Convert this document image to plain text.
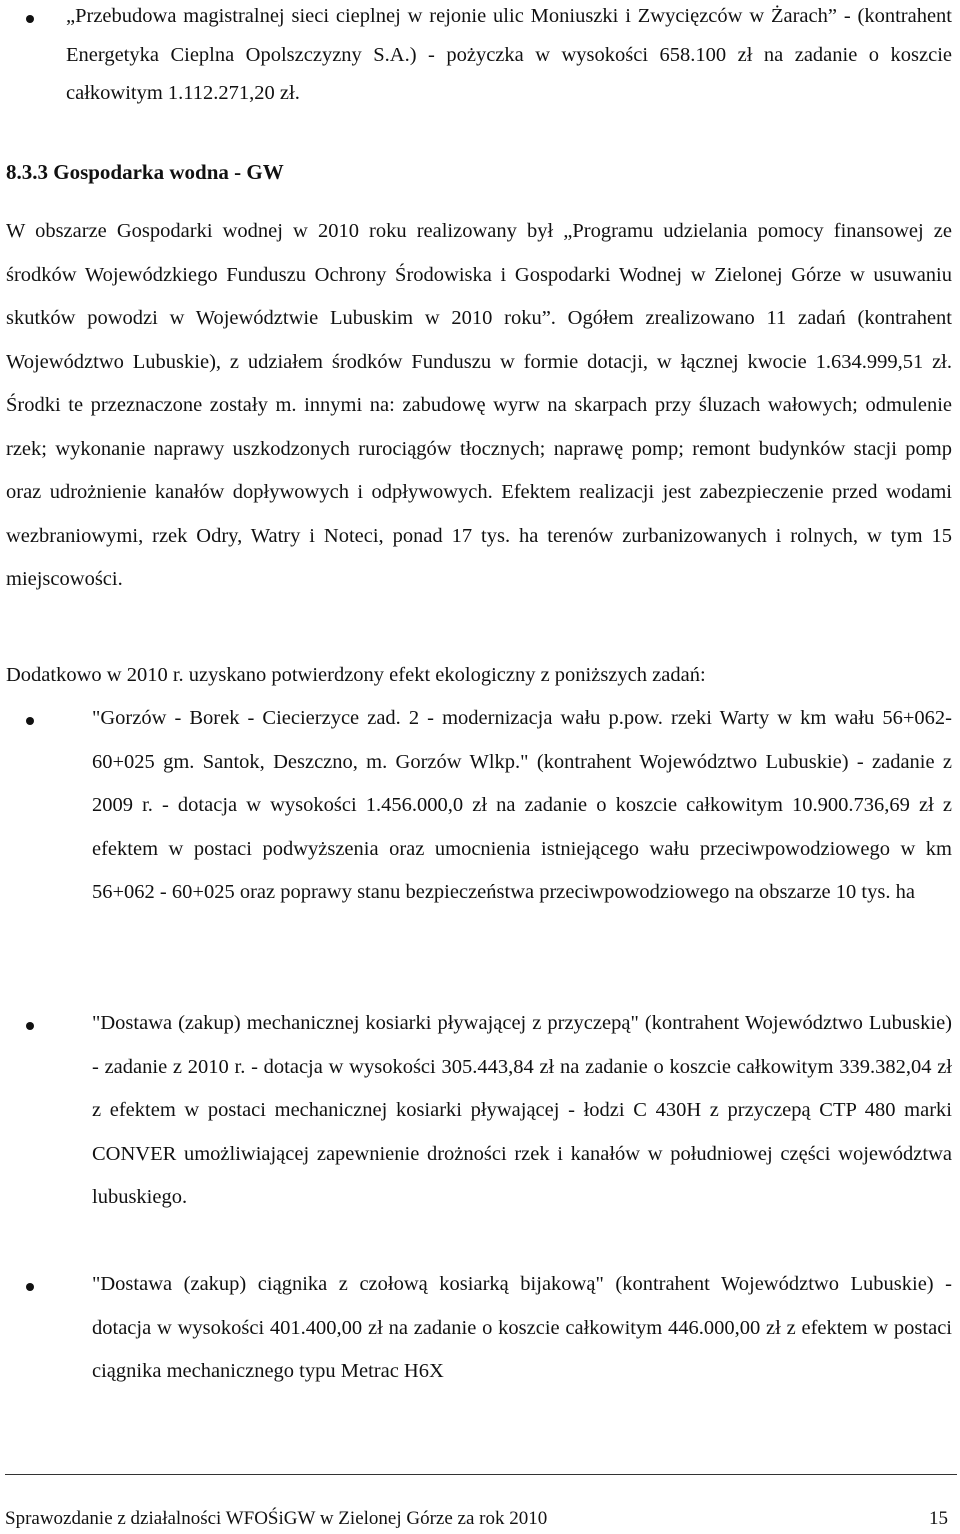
„Przebudowa magistralnej sieci cieplnej w rejonie ulic Moniuszki i Zwycięzców w Żarach” - (kontrahent Energetyka Cieplna Opolszczyzny S.A.) - pożyczka w wysokości 658.100 zł na zadanie o koszcie całkowitym 1.112.271,20 zł.
8.3.3 Gospodarka wodna - GW
W obszarze Gospodarki wodnej w 2010 roku realizowany był „Programu udzielania pomocy finansowej ze środków Wojewódzkiego Funduszu Ochrony Środowiska i Gospodarki Wodnej w Zielonej Górze w usuwaniu skutków powodzi w Województwie Lubuskim w 2010 roku”. Ogółem zrealizowano 11 zadań (kontrahent Województwo Lubuskie), z udziałem środków Funduszu w formie dotacji, w łącznej kwocie 1.634.999,51 zł. Środki te przeznaczone zostały m. innymi na: zabudowę wyrw na skarpach przy śluzach wałowych; odmulenie rzek; wykonanie naprawy uszkodzonych rurociągów tłocznych; naprawę pomp; remont budynków stacji pomp oraz udrożnienie kanałów dopływowych i odpływowych. Efektem realizacji jest zabezpieczenie przed wodami wezbraniowymi, rzek Odry, Watry i Noteci, ponad 17 tys. ha terenów zurbanizowanych i rolnych, w tym 15 miejscowości.
Dodatkowo w 2010 r. uzyskano potwierdzony efekt ekologiczny z poniższych zadań:
"Gorzów - Borek - Ciecierzyce zad. 2 - modernizacja wału p.pow. rzeki Warty w km wału 56+062-60+025 gm. Santok, Deszczno, m. Gorzów Wlkp." (kontrahent Województwo Lubuskie) - zadanie z 2009 r. - dotacja w wysokości 1.456.000,0 zł na zadanie o koszcie całkowitym 10.900.736,69 zł z efektem w postaci podwyższenia oraz umocnienia istniejącego wału przeciwpowodziowego w km 56+062 - 60+025 oraz poprawy stanu bezpieczeństwa przeciwpowodziowego na obszarze 10 tys. ha
"Dostawa (zakup) mechanicznej kosiarki pływającej z przyczepą" (kontrahent Województwo Lubuskie) - zadanie z 2010 r. - dotacja w wysokości 305.443,84 zł na zadanie o koszcie całkowitym 339.382,04 zł z efektem w postaci mechanicznej kosiarki pływającej - łodzi C 430H z przyczepą CTP 480 marki CONVER umożliwiającej zapewnienie drożności rzek i kanałów w południowej części województwa lubuskiego.
"Dostawa (zakup) ciągnika z czołową kosiarką bijakową" (kontrahent Województwo Lubuskie) - dotacja w wysokości 401.400,00 zł na zadanie o koszcie całkowitym 446.000,00 zł z efektem w postaci ciągnika mechanicznego typu Metrac H6X
Sprawozdanie z działalności WFOŚiGW w Zielonej Górze za rok 2010	15
